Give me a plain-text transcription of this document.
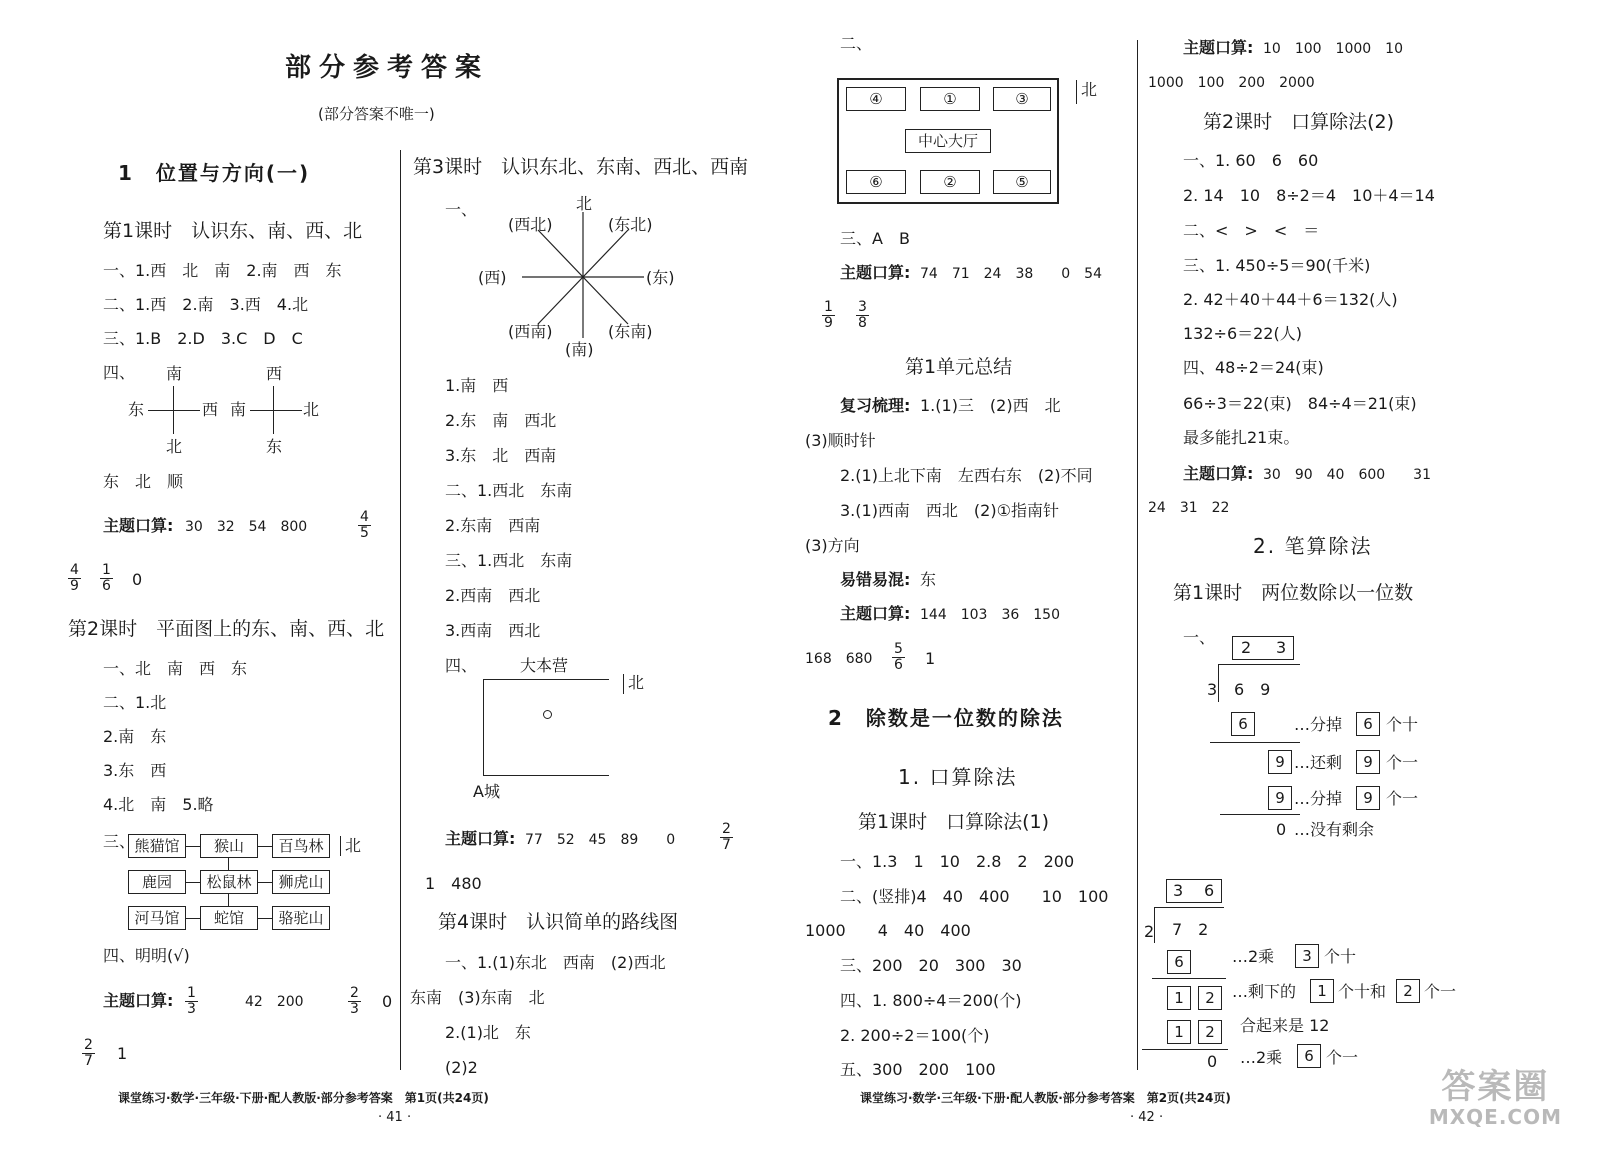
部分参考答案
(部分答案不唯一)
1　位置与方向(一)
第1课时　认识东、南、西、北
一、1.西　北　南　2.南　西　东
二、1.西　2.南　3.西　4.北
三、1.B　2.D　3.C　D　C
四、 南
东	西
北
西
南	北
东
东　北　顺
主题口算: 30　32　54　800	$\frac{4}{5}$
$\frac{4}{9} \frac{1}{6} 0$
第2课时　平面图上的东、南、西、北
一、北　南　西　东
二、1.北
2.南　东
3.东　西
4.北　南　5.略
三、 熊猫馆	猴山	百鸟林
鹿园	松鼠林	狮虎山
河马馆	蛇馆	骆驼山
北
四、明明(√)
主题口算: $\frac{1}{3}$	42　200	$\frac{2}{3} 0$
$\frac{2}{7} 1$
第3课时　认识东北、东南、西北、西南
一、	北
(东北)
(东)
(东南)
(南)
(西南)
(西)
(西北)
1.南　西
2.东　南　西北
3.东　北　西南
二、1.西北　东南
2.东南　西南
三、1.西北　东南
2.西南　西北
3.西南　西北
四、	大本营
A城
北
主题口算: 77　52　45　89　　0	$\frac{2}{7}$
1　480
第4课时　认识简单的路线图
一、1.(1)东北　西南　(2)西北
东南　(3)东南　北
2.(1)北　东
(2)2
课堂练习·数学·三年级·下册·配人教版·部分参考答案　第1页(共24页)
· 41 ·
二、
④	①	③
中心大厅
⑥	②	⑤
北
三、A　B
主题口算: 74　71　24　38　　0　54
$\frac{1}{9} \frac{3}{8}$
第1单元总结
复习梳理: 1.(1)三　(2)西　北
(3)顺时针
2.(1)上北下南　左西右东　(2)不同
3.(1)西南　西北　(2)①指南针
(3)方向
易错易混: 东
主题口算: 144　103　36　150
168　$680 \frac{5}{6} 1$
2　除数是一位数的除法
1. 口算除法
第1课时　口算除法(1)
一、1.3　1　10　2.8　2　200
二、(竖排)4　40　400　　10　100
1000　　4　40　400
三、200　20　300　30
四、1. 800÷4＝200(个)
2. 200÷2＝100(个)
五、300　200　100
主题口算: 10　100　1000　10
1000　100　200　2000
第2课时　口算除法(2)
一、1. 60　6　60
2. 14　10　8÷2＝4　10＋4＝14
二、<　>　<　＝
三、1. 450÷5＝90(千米)
2. 42＋40＋44＋6＝132(人)
132÷6＝22(人)
四、48÷2＝24(束)
66÷3＝22(束)　84÷4＝21(束)
最多能扎21束。
主题口算: 30　90　40　600　　31
24　31　22
2. 笔算除法
第1课时　两位数除以一位数
一、
2 3
3 6　9
6	…分掉	6 个十
9 …还剩	9 个一
9 …分掉	9 个一
0 …没有剩余
3 6
2 7　2
6	…2乘	3 个十
1	2	…剩下的	1 个十和	2 个一
1	2	合起来是 12
0 …2乘	6 个一
课堂练习·数学·三年级·下册·配人教版·部分参考答案　第2页(共24页)
· 42 ·
答案圈
MXQE.COM
